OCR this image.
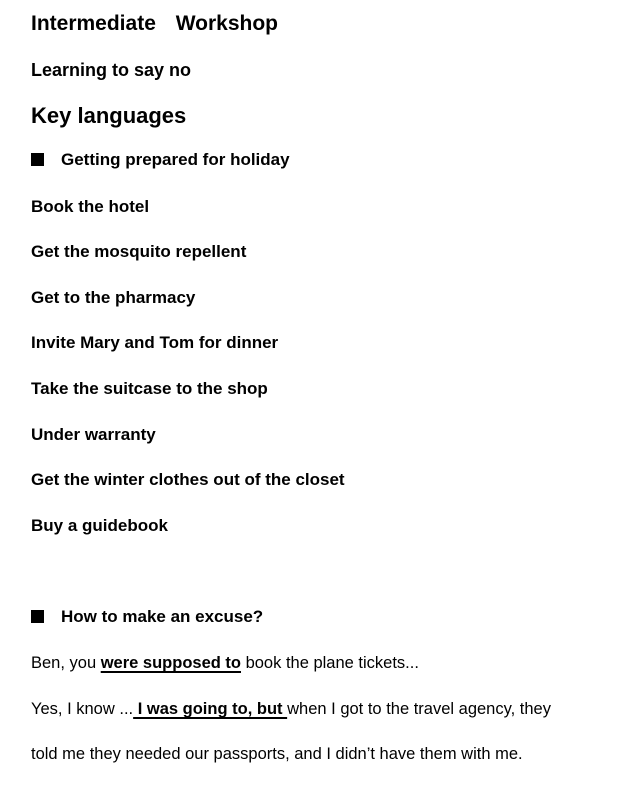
Intermediate Workshop
Learning to say no
Key languages
Getting prepared for holiday
Book the hotel
Get the mosquito repellent
Get to the pharmacy
Invite Mary and Tom for dinner
Take the suitcase to the shop
Under warranty
Get the winter clothes out of the closet
Buy a guidebook
How to make an excuse?
Ben, you were supposed to book the plane tickets...
Yes, I know ... I was going to, but when I got to the travel agency, they
told me they needed our passports, and I didn’t have them with me.
